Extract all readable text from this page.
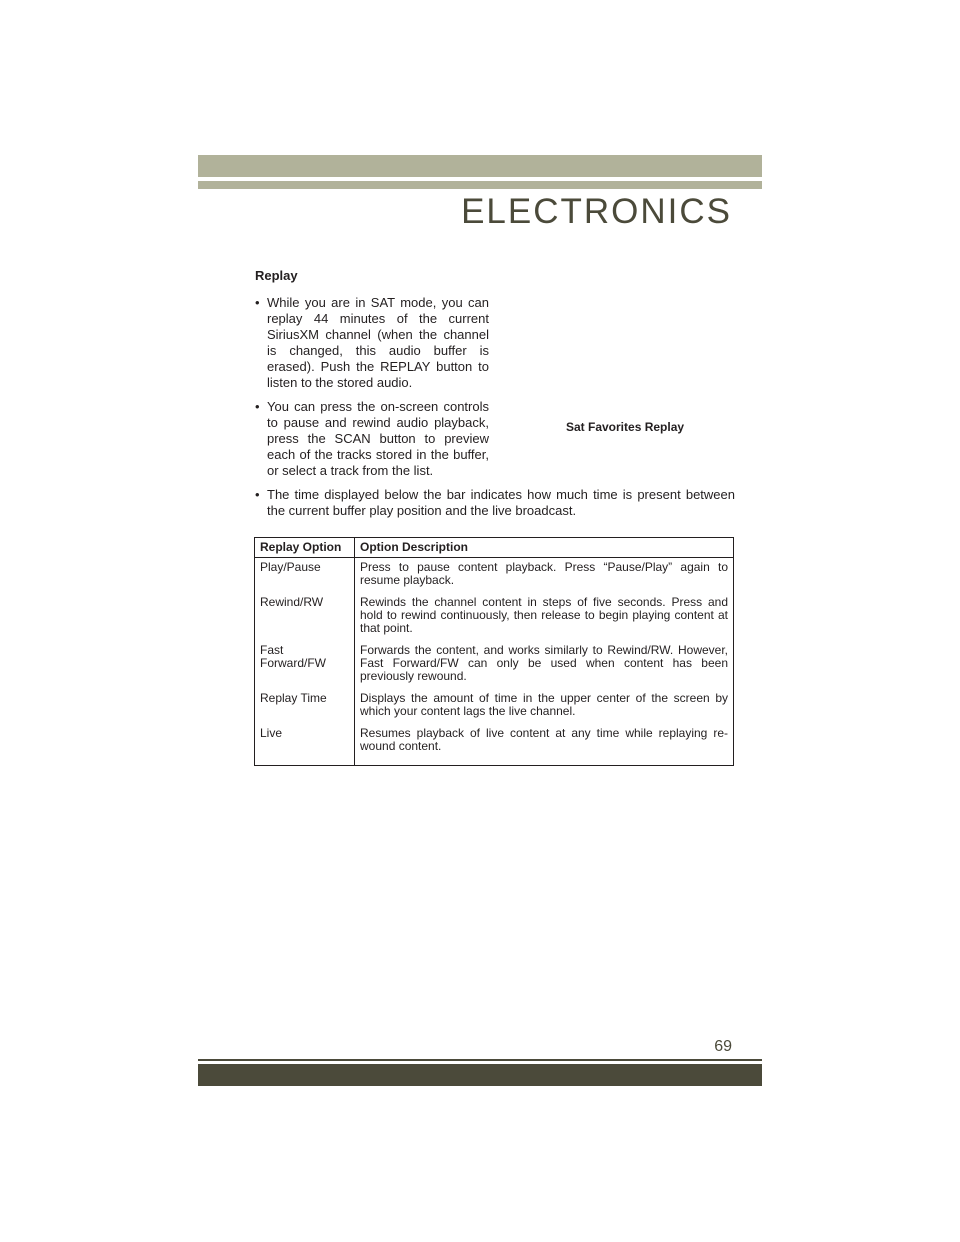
ELECTRONICS
Replay
• While you are in SAT mode, you can replay 44 minutes of the current SiriusXM channel (when the channel is changed, this audio buffer is erased). Push the REPLAY button to listen to the stored audio.
• You can press the on-screen controls to pause and rewind audio playback, press the SCAN button to preview each of the tracks stored in the buffer, or select a track from the list.
• The time displayed below the bar indicates how much time is present between the current buffer play position and the live broadcast.

Sat Favorites Replay

Replay Option	Option Description
Play/Pause	Press to pause content playback. Press “Pause/Play” again to resume playback.
Rewind/RW	Rewinds the channel content in steps of five seconds. Press and hold to rewind continuously, then release to begin playing content at that point.
Fast Forward/FW	Forwards the content, and works similarly to Rewind/RW. However, Fast Forward/FW can only be used when content has been previously rewound.
Replay Time	Displays the amount of time in the upper center of the screen by which your content lags the live channel.
Live	Resumes playback of live content at any time while replaying re-wound content.

69
